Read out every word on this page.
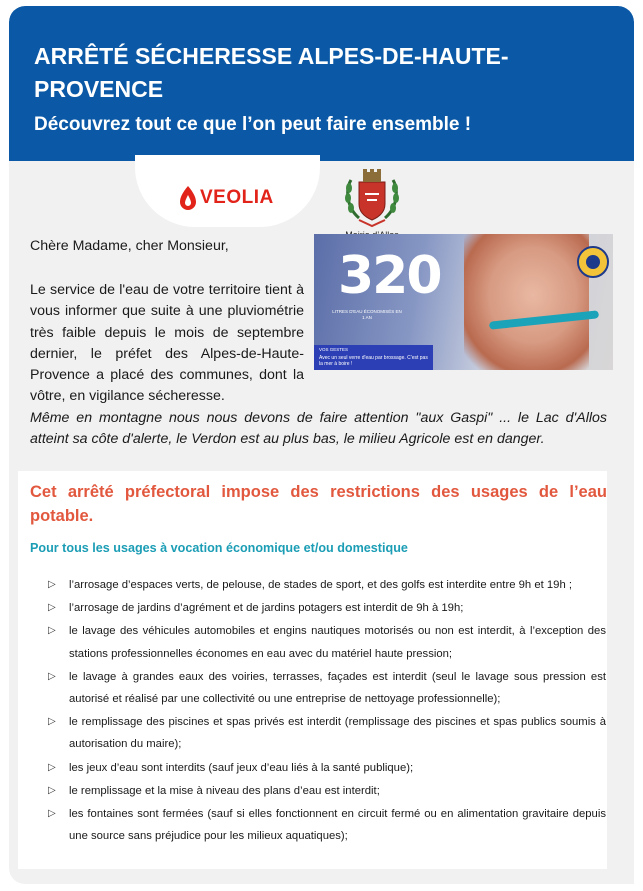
ARRÊTÉ SÉCHERESSE ALPES-DE-HAUTE-PROVENCE
Découvrez tout ce que l’on peut faire ensemble !
VEOLIA
Chère Madame, cher Monsieur,
Le service de l'eau de votre territoire tient à vous informer que suite à une pluviométrie très faible depuis le mois de septembre dernier, le préfet des Alpes-de-Haute-Provence a placé des communes, dont la vôtre, en vigilance sécheresse.
320
LITRES D'EAU ÉCONOMISÉS EN 1 AN
VOS GESTES
Avec un seul verre d'eau par brossage. C'est pas la mer à boire !
Même en montagne nous nous devons de faire attention "aux Gaspi" ... le Lac d'Allos atteint sa côte d'alerte, le Verdon est au plus bas, le milieu Agricole est en danger.
Cet arrêté préfectoral impose des restrictions des usages de l’eau potable.
Pour tous les usages à vocation économique et/ou domestique
▷ l’arrosage d’espaces verts, de pelouse, de stades de sport, et des golfs est interdite entre 9h et 19h ;
▷ l’arrosage de jardins d’agrément et de jardins potagers est interdit de 9h à 19h;
▷ le lavage des véhicules automobiles et engins nautiques motorisés ou non est interdit, à l’exception des stations professionnelles économes en eau avec du matériel haute pression;
▷ le lavage à grandes eaux des voiries, terrasses, façades est interdit (seul le lavage sous pression est autorisé et réalisé par une collectivité ou une entreprise de nettoyage professionnelle);
▷ le remplissage des piscines et spas privés est interdit (remplissage des piscines et spas publics soumis à autorisation du maire);
▷ les jeux d’eau sont interdits (sauf jeux d’eau liés à la santé publique);
▷ le remplissage et la mise à niveau des plans d’eau est interdit;
▷ les fontaines sont fermées (sauf si elles fonctionnent en circuit fermé ou en alimentation gravitaire depuis une source sans préjudice pour les milieux aquatiques);
